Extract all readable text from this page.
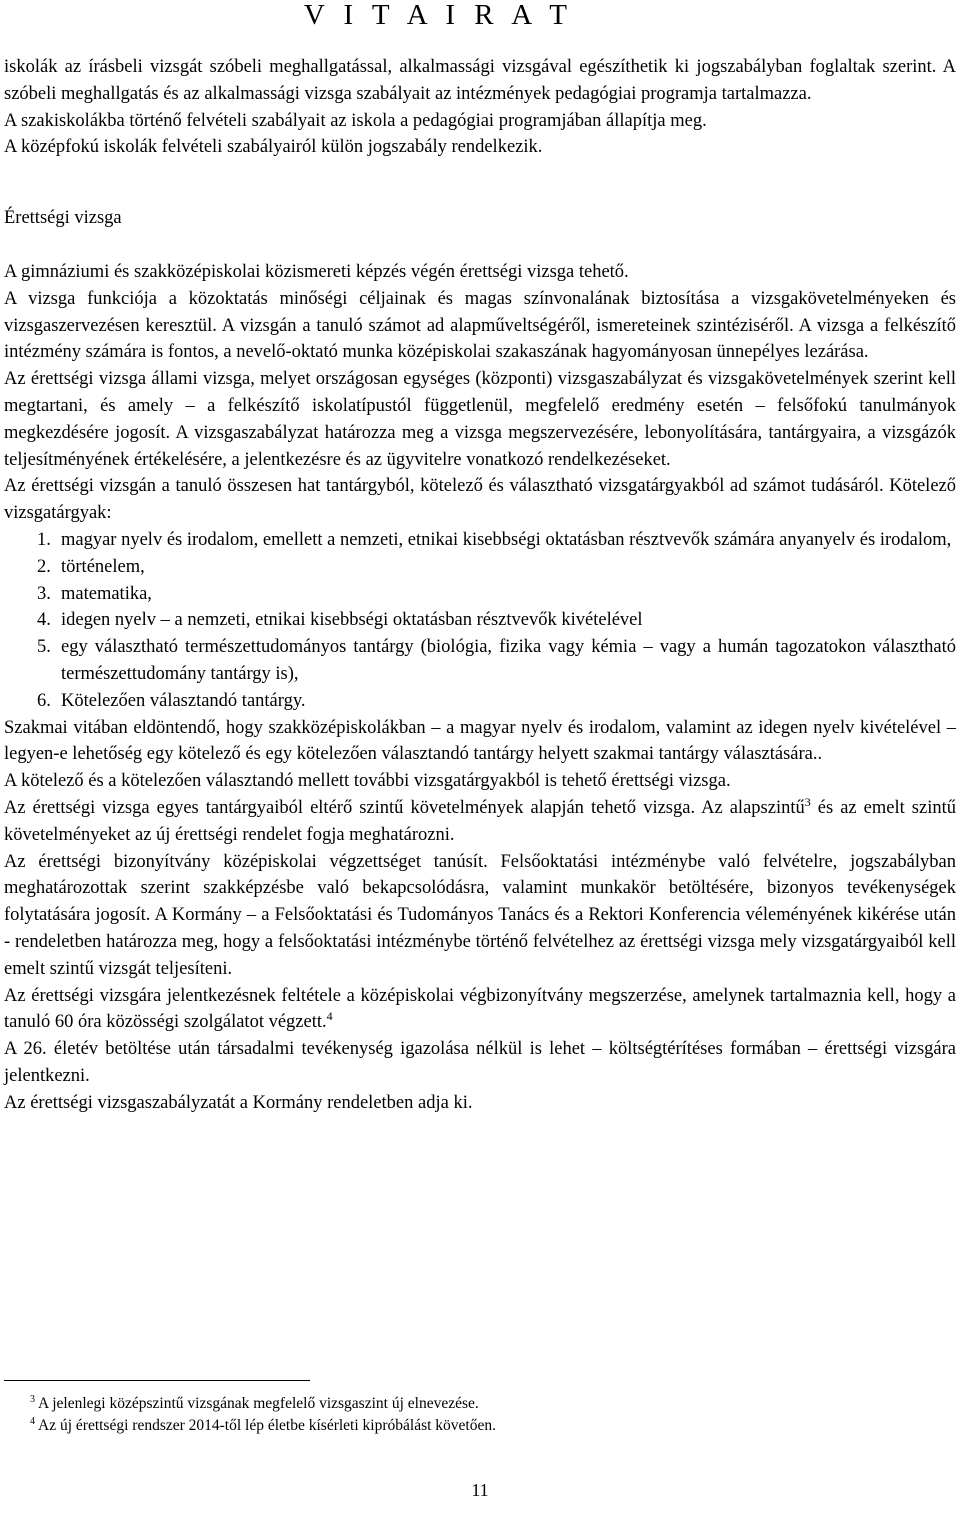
V I T A I R A T

iskolák az írásbeli vizsgát szóbeli meghallgatással, alkalmassági vizsgával egészíthetik ki jogszabályban foglaltak szerint. A szóbeli meghallgatás és az alkalmassági vizsga szabályait az intézmények pedagógiai programja tartalmazza.

A szakiskolákba történő felvételi szabályait az iskola a pedagógiai programjában állapítja meg.

A középfokú iskolák felvételi szabályairól külön jogszabály rendelkezik.

Érettségi vizsga

A gimnáziumi és szakközépiskolai közismereti képzés végén érettségi vizsga tehető.

A vizsga funkciója a közoktatás minőségi céljainak és magas színvonalának biztosítása a vizsgakövetelményeken és vizsgaszervezésen keresztül. A vizsgán a tanuló számot ad alapműveltségéről, ismereteinek szintéziséről. A vizsga a felkészítő intézmény számára is fontos, a nevelő-oktató munka középiskolai szakaszának hagyományosan ünnepélyes lezárása.

Az érettségi vizsga állami vizsga, melyet országosan egységes (központi) vizsgaszabályzat és vizsgakövetelmények szerint kell megtartani, és amely – a felkészítő iskolatípustól függetlenül, megfelelő eredmény esetén – felsőfokú tanulmányok megkezdésére jogosít. A vizsgaszabályzat határozza meg a vizsga megszervezésére, lebonyolítására, tantárgyaira, a vizsgázók teljesítményének értékelésére, a jelentkezésre és az ügyvitelre vonatkozó rendelkezéseket.

Az érettségi vizsgán a tanuló összesen hat tantárgyból, kötelező és választható vizsgatárgyakból ad számot tudásáról. Kötelező vizsgatárgyak:

1. magyar nyelv és irodalom, emellett a nemzeti, etnikai kisebbségi oktatásban résztvevők számára anyanyelv és irodalom,
2. történelem,
3. matematika,
4. idegen nyelv – a nemzeti, etnikai kisebbségi oktatásban résztvevők kivételével
5. egy választható természettudományos tantárgy (biológia, fizika vagy kémia – vagy a humán tagozatokon választható természettudomány tantárgy is),
6. Kötelezően választandó tantárgy.

Szakmai vitában eldöntendő, hogy szakközépiskolákban – a magyar nyelv és irodalom, valamint az idegen nyelv kivételével – legyen-e lehetőség egy kötelező és egy kötelezően választandó tantárgy helyett szakmai tantárgy választására..

A kötelező és a kötelezően választandó mellett további vizsgatárgyakból is tehető érettségi vizsga.

Az érettségi vizsga egyes tantárgyaiból eltérő szintű követelmények alapján tehető vizsga. Az alapszintű$^3$ és az emelt szintű követelményeket az új érettségi rendelet fogja meghatározni.

Az érettségi bizonyítvány középiskolai végzettséget tanúsít. Felsőoktatási intézménybe való felvételre, jogszabályban meghatározottak szerint szakképzésbe való bekapcsolódásra, valamint munkakör betöltésére, bizonyos tevékenységek folytatására jogosít. A Kormány – a Felsőoktatási és Tudományos Tanács és a Rektori Konferencia véleményének kikérése után - rendeletben határozza meg, hogy a felsőoktatási intézménybe történő felvételhez az érettségi vizsga mely vizsgatárgyaiból kell emelt szintű vizsgát teljesíteni.

Az érettségi vizsgára jelentkezésnek feltétele a középiskolai végbizonyítvány megszerzése, amelynek tartalmaznia kell, hogy a tanuló 60 óra közösségi szolgálatot végzett.$^4$

A 26. életév betöltése után társadalmi tevékenység igazolása nélkül is lehet – költségtérítéses formában – érettségi vizsgára jelentkezni.

Az érettségi vizsgaszabályzatát a Kormány rendeletben adja ki.

$^3$ A jelenlegi középszintű vizsgának megfelelő vizsgaszint új elnevezése.

$^4$ Az új érettségi rendszer 2014-től lép életbe kísérleti kipróbálást követően.

11
